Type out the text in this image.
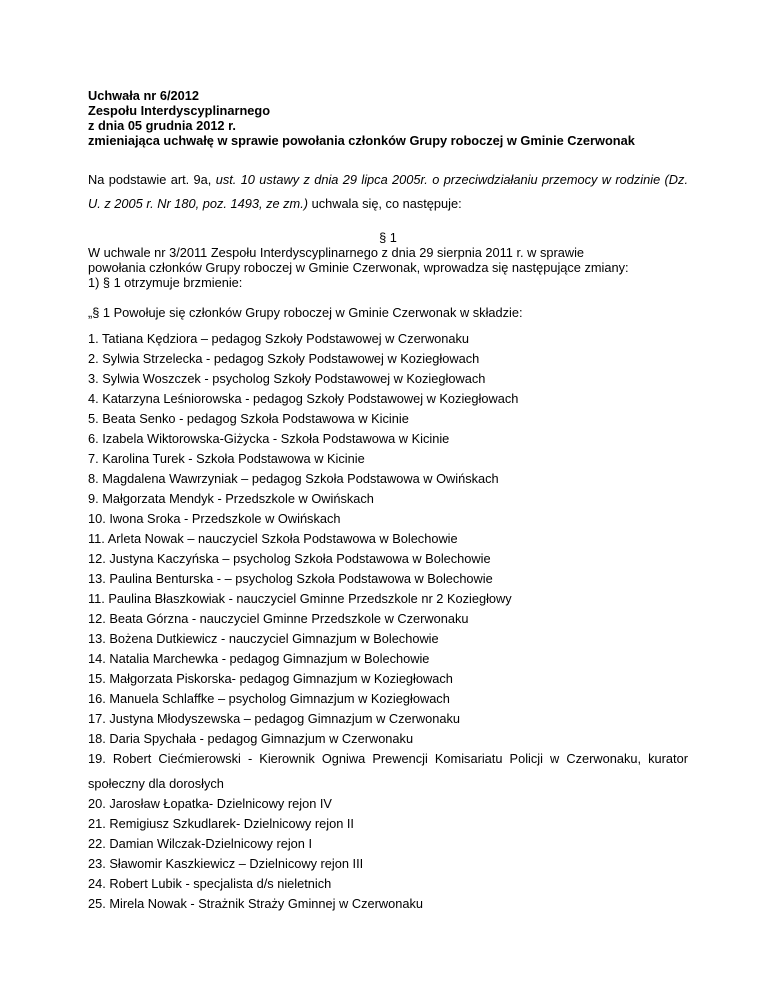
Uchwała nr 6/2012
Zespołu Interdyscyplinarnego
z dnia 05 grudnia 2012 r.
zmieniająca uchwałę w sprawie powołania członków Grupy roboczej w Gminie Czerwonak
Na podstawie art. 9a, ust. 10 ustawy z dnia 29 lipca 2005r. o przeciwdziałaniu przemocy w rodzinie (Dz. U. z 2005 r. Nr 180, poz. 1493, ze zm.) uchwala się, co następuje:
§ 1
W uchwale nr 3/2011 Zespołu Interdyscyplinarnego z dnia 29 sierpnia 2011 r. w sprawie
powołania członków Grupy roboczej w Gminie Czerwonak, wprowadza się następujące zmiany:
1) § 1 otrzymuje brzmienie:
„§ 1 Powołuje się członków Grupy roboczej w Gminie Czerwonak w składzie:
1. Tatiana Kędziora – pedagog Szkoły Podstawowej w Czerwonaku
2. Sylwia Strzelecka - pedagog Szkoły Podstawowej w Koziegłowach
3. Sylwia Woszczek - psycholog Szkoły Podstawowej w Koziegłowach
4. Katarzyna Leśniorowska - pedagog Szkoły Podstawowej w Koziegłowach
5. Beata Senko - pedagog Szkoła Podstawowa w Kicinie
6. Izabela Wiktorowska-Giżycka - Szkoła Podstawowa w Kicinie
7. Karolina Turek - Szkoła Podstawowa w Kicinie
8. Magdalena Wawrzyniak – pedagog Szkoła Podstawowa w Owińskach
9. Małgorzata Mendyk - Przedszkole w Owińskach
10. Iwona Sroka - Przedszkole w Owińskach
11. Arleta Nowak – nauczyciel Szkoła Podstawowa w Bolechowie
12. Justyna Kaczyńska – psycholog Szkoła Podstawowa w Bolechowie
13. Paulina Benturska - – psycholog Szkoła Podstawowa w Bolechowie
11. Paulina Błaszkowiak - nauczyciel Gminne Przedszkole nr 2 Koziegłowy
12. Beata Górzna - nauczyciel Gminne Przedszkole w Czerwonaku
13. Bożena Dutkiewicz - nauczyciel Gimnazjum w Bolechowie
14. Natalia Marchewka - pedagog Gimnazjum w Bolechowie
15. Małgorzata Piskorska- pedagog Gimnazjum w Koziegłowach
16. Manuela Schlaffke – psycholog Gimnazjum w Koziegłowach
17. Justyna Młodyszewska – pedagog Gimnazjum w Czerwonaku
18. Daria Spychała - pedagog Gimnazjum w Czerwonaku
19. Robert Ciećmierowski - Kierownik Ogniwa Prewencji Komisariatu Policji w Czerwonaku, kurator społeczny dla dorosłych
20. Jarosław Łopatka- Dzielnicowy rejon IV
21. Remigiusz Szkudlarek- Dzielnicowy rejon II
22. Damian Wilczak-Dzielnicowy rejon I
23. Sławomir Kaszkiewicz – Dzielnicowy rejon III
24. Robert Lubik - specjalista d/s nieletnich
25. Mirela Nowak - Strażnik Straży Gminnej w Czerwonaku
